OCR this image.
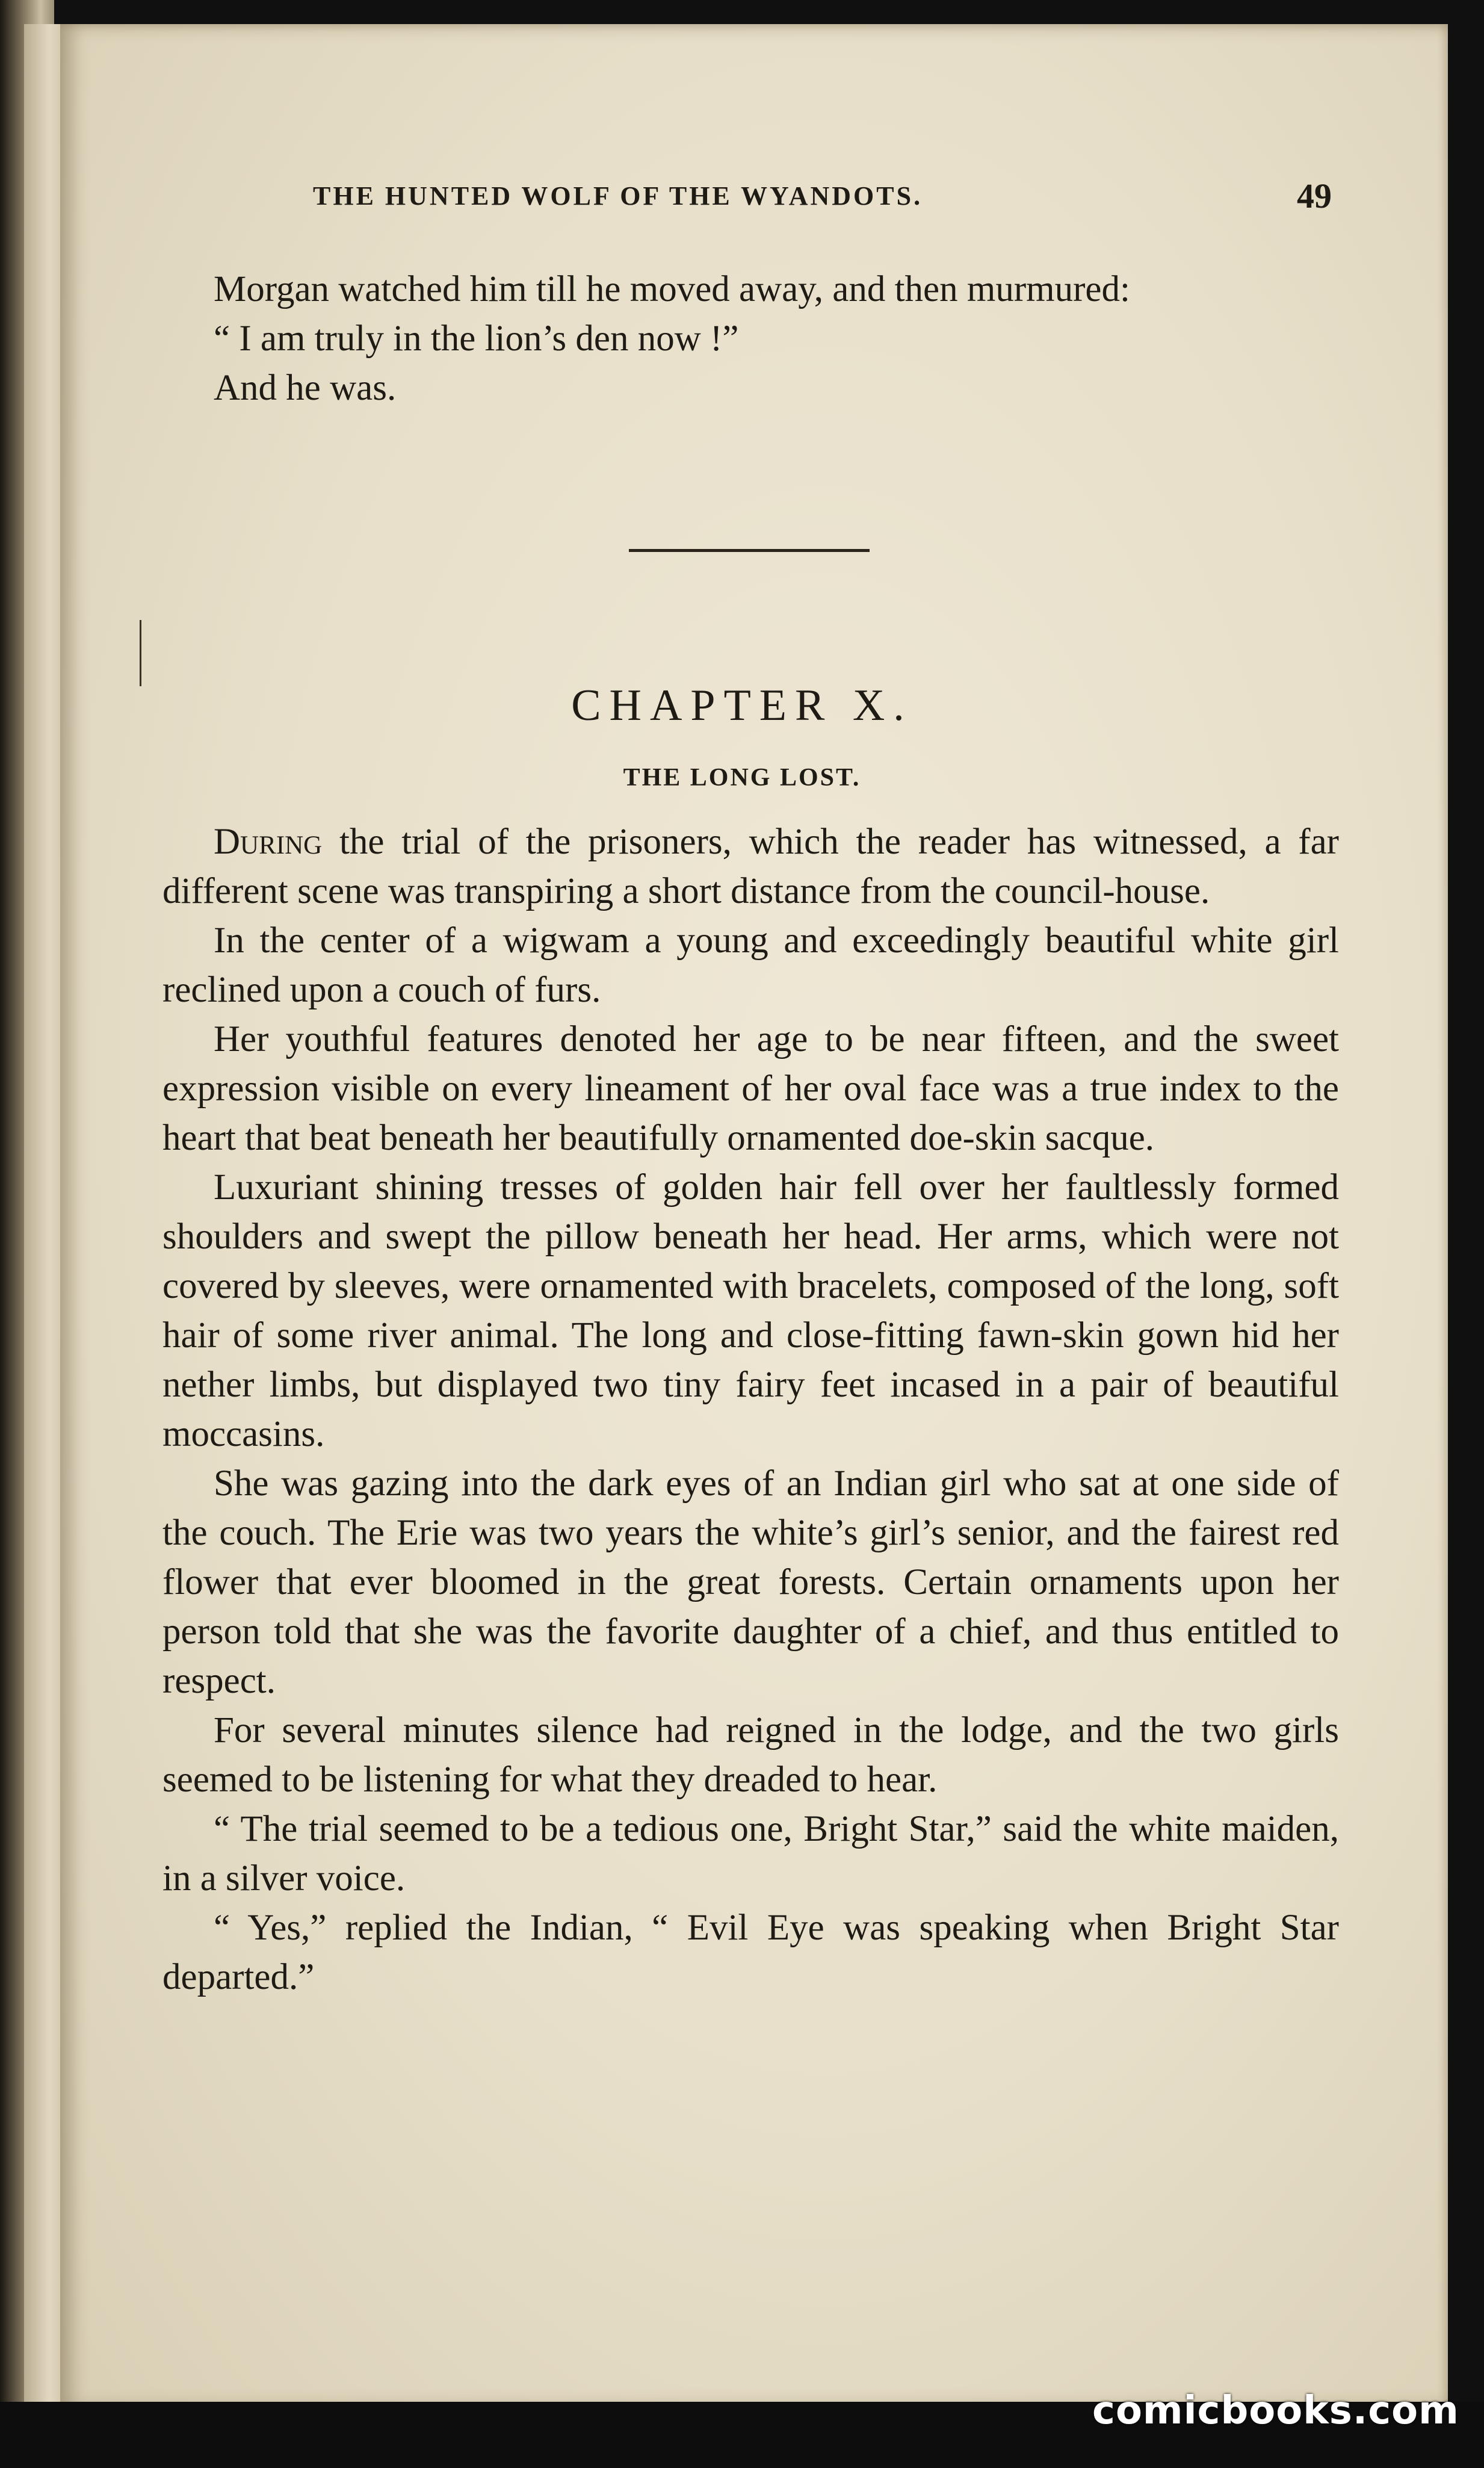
THE HUNTED WOLF OF THE WYANDOTS.	49

Morgan watched him till he moved away, and then murmured:

“ I am truly in the lion’s den now !”

And he was.

CHAPTER X.
THE LONG LOST.

During the trial of the prisoners, which the reader has witnessed, a far different scene was transpiring a short distance from the council-house.

In the center of a wigwam a young and exceedingly beautiful white girl reclined upon a couch of furs.

Her youthful features denoted her age to be near fifteen, and the sweet expression visible on every lineament of her oval face was a true index to the heart that beat beneath her beautifully ornamented doe-skin sacque.

Luxuriant shining tresses of golden hair fell over her faultlessly formed shoulders and swept the pillow beneath her head. Her arms, which were not covered by sleeves, were ornamented with bracelets, composed of the long, soft hair of some river animal. The long and close-fitting fawn-skin gown hid her nether limbs, but displayed two tiny fairy feet incased in a pair of beautiful moccasins.

She was gazing into the dark eyes of an Indian girl who sat at one side of the couch. The Erie was two years the white’s girl’s senior, and the fairest red flower that ever bloomed in the great forests. Certain ornaments upon her person told that she was the favorite daughter of a chief, and thus entitled to respect.

For several minutes silence had reigned in the lodge, and the two girls seemed to be listening for what they dreaded to hear.

“ The trial seemed to be a tedious one, Bright Star,” said the white maiden, in a silver voice.

“ Yes,” replied the Indian, “ Evil Eye was speaking when Bright Star departed.”

comicbooks.com
